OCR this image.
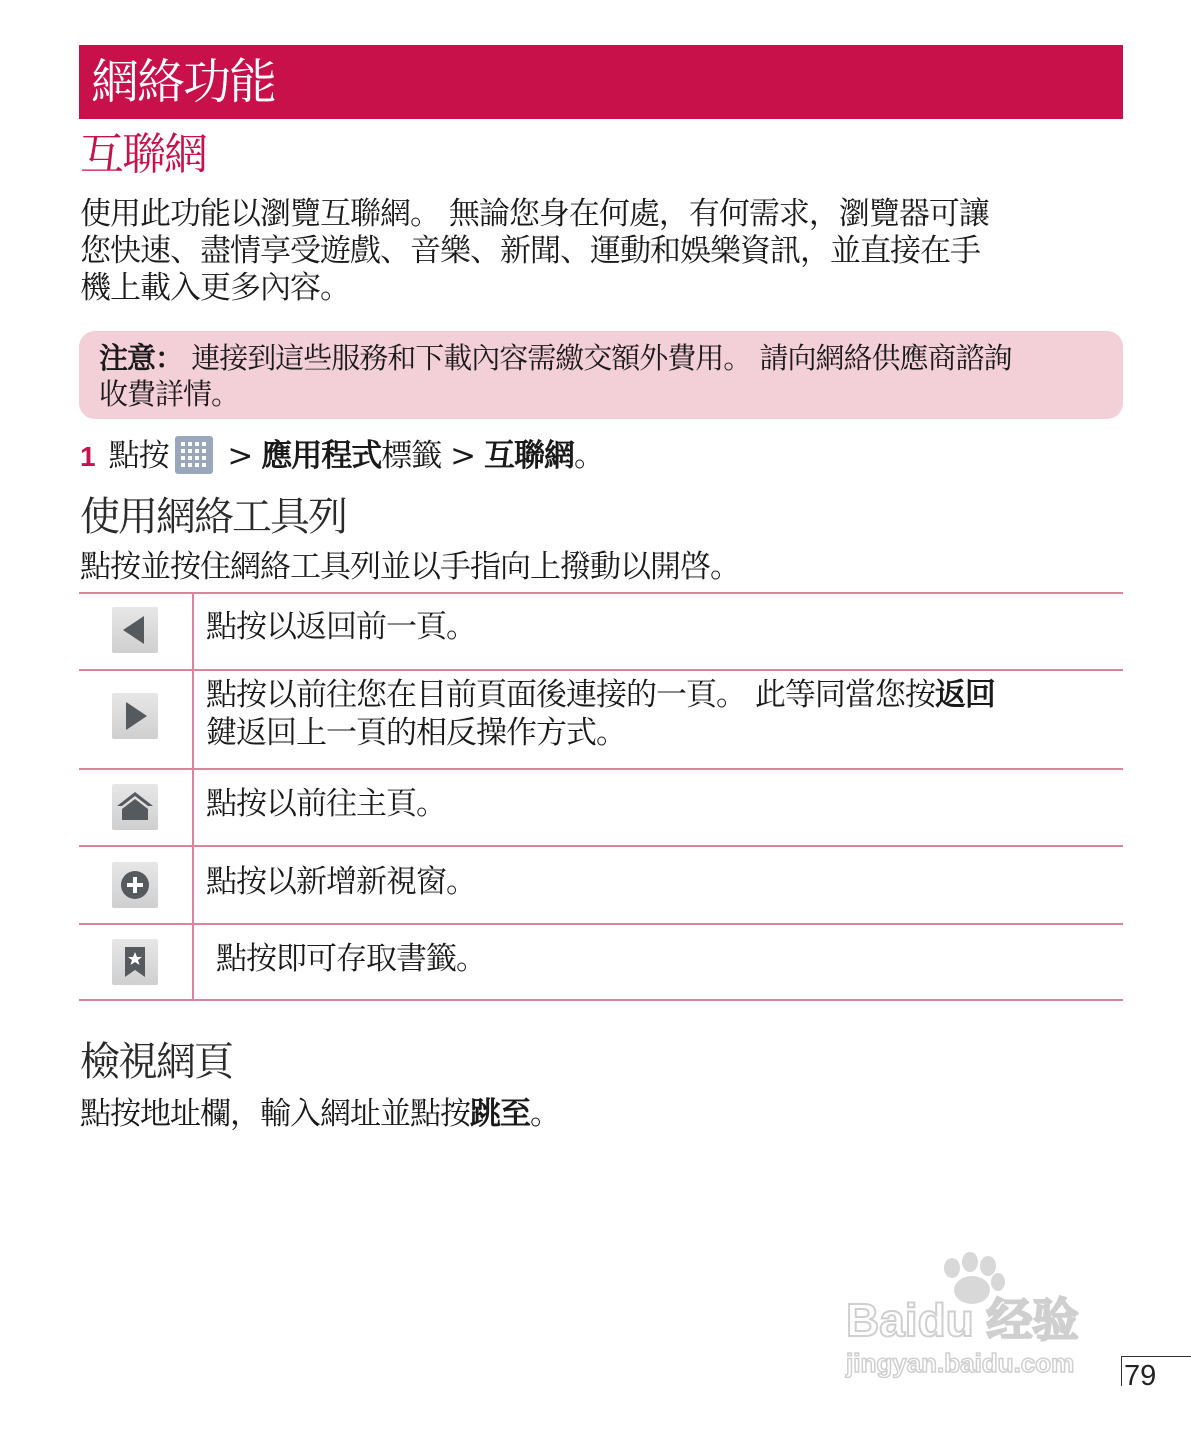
網絡功能
互聯網
使用此功能以瀏覽互聯網。 無論您身在何處，有何需求，瀏覽器可讓
您快速、盡情享受遊戲、音樂、新聞、運動和娛樂資訊，並直接在手
機上載入更多內容。
注意： 連接到這些服務和下載內容需繳交額外費用。 請向網絡供應商諮詢
收費詳情。
1 點按
> 應用程式標籤 > 互聯網。
使用網絡工具列
點按並按住網絡工具列並以手指向上撥動以開啓。
點按以返回前一頁。
點按以前往您在目前頁面後連接的一頁。 此等同當您按返回
鍵返回上一頁的相反操作方式。
點按以前往主頁。
點按以新增新視窗。
點按即可存取書籤。
檢視網頁
點按地址欄，輸入網址並點按跳至。
Baidu 经验
jingyan.baidu.com 79
